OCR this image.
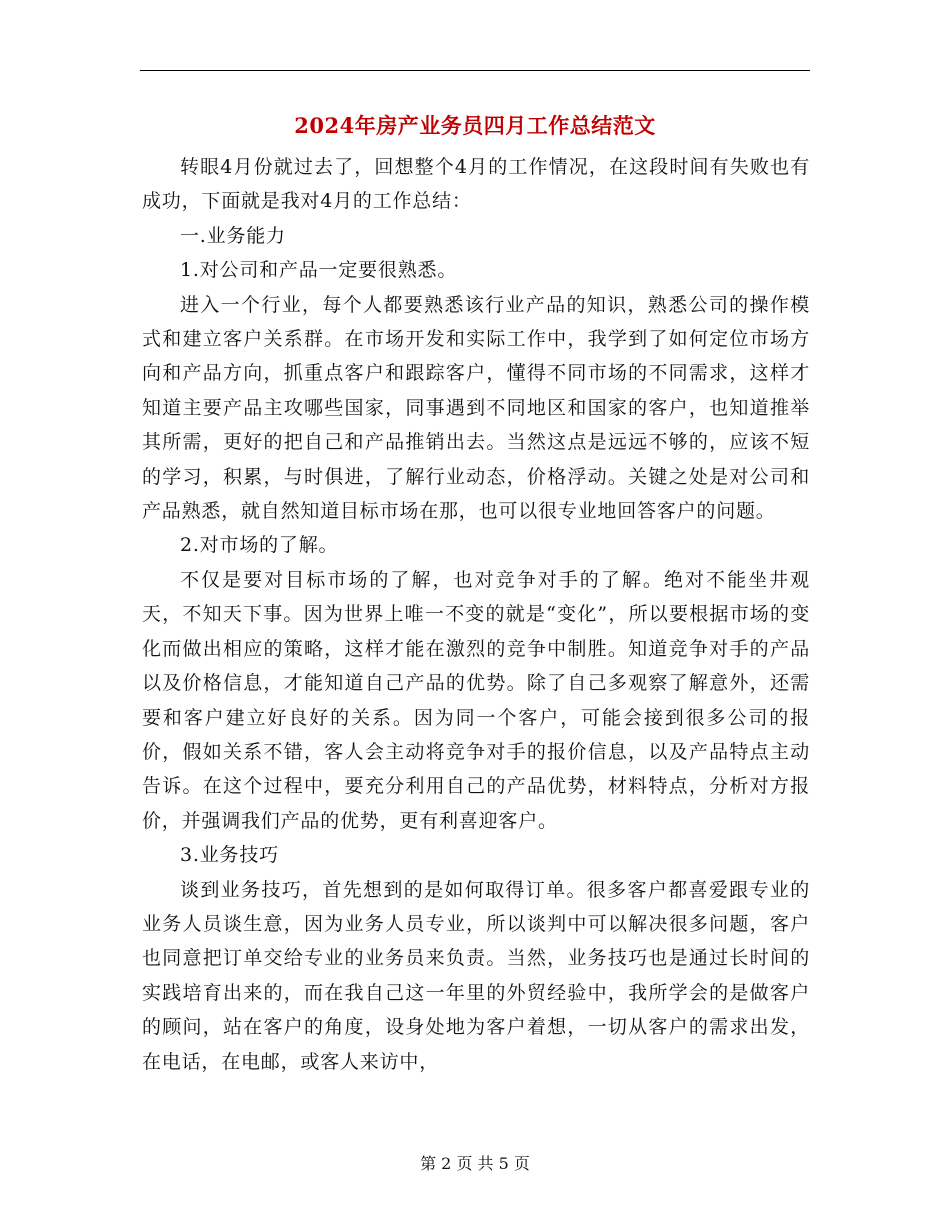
2024年房产业务员四月工作总结范文

转眼4月份就过去了，回想整个4月的工作情况，在这段时间有失败也有成功，下面就是我对4月的工作总结：

一.业务能力

1.对公司和产品一定要很熟悉。

进入一个行业，每个人都要熟悉该行业产品的知识，熟悉公司的操作模式和建立客户关系群。在市场开发和实际工作中，我学到了如何定位市场方向和产品方向，抓重点客户和跟踪客户，懂得不同市场的不同需求，这样才知道主要产品主攻哪些国家，同事遇到不同地区和国家的客户，也知道推举其所需，更好的把自己和产品推销出去。当然这点是远远不够的，应该不短的学习，积累，与时俱进，了解行业动态，价格浮动。关键之处是对公司和产品熟悉，就自然知道目标市场在那，也可以很专业地回答客户的问题。

2.对市场的了解。

不仅是要对目标市场的了解，也对竞争对手的了解。绝对不能坐井观天，不知天下事。因为世界上唯一不变的就是“变化”，所以要根据市场的变化而做出相应的策略，这样才能在激烈的竞争中制胜。知道竞争对手的产品以及价格信息，才能知道自己产品的优势。除了自己多观察了解意外，还需要和客户建立好良好的关系。因为同一个客户，可能会接到很多公司的报价，假如关系不错，客人会主动将竞争对手的报价信息，以及产品特点主动告诉。在这个过程中，要充分利用自己的产品优势，材料特点，分析对方报价，并强调我们产品的优势，更有利喜迎客户。

3.业务技巧

谈到业务技巧，首先想到的是如何取得订单。很多客户都喜爱跟专业的业务人员谈生意，因为业务人员专业，所以谈判中可以解决很多问题，客户也同意把订单交给专业的业务员来负责。当然，业务技巧也是通过长时间的实践培育出来的，而在我自己这一年里的外贸经验中，我所学会的是做客户的顾问，站在客户的角度，设身处地为客户着想，一切从客户的需求出发，在电话，在电邮，或客人来访中，

第 2 页 共 5 页
